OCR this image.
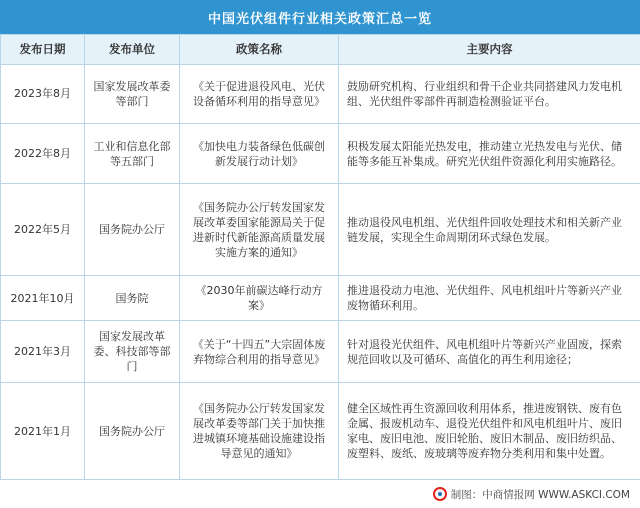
中国光伏组件行业相关政策汇总一览
发布日期	发布单位	政策名称	主要内容
2023年8月	国家发展改革委等部门	《关于促进退役风电、光伏设备循环利用的指导意见》	鼓励研究机构、行业组织和骨干企业共同搭建风力发电机组、光伏组件零部件再制造检测验证平台。
2022年8月	工业和信息化部等五部门	《加快电力装备绿色低碳创新发展行动计划》	积极发展太阳能光热发电，推动建立光热发电与光伏、储能等多能互补集成。研究光伏组件资源化利用实施路径。
2022年5月	国务院办公厅	《国务院办公厅转发国家发展改革委国家能源局关于促进新时代新能源高质量发展实施方案的通知》	推动退役风电机组、光伏组件回收处理技术和相关新产业链发展，实现全生命周期闭环式绿色发展。
2021年10月	国务院	《2030年前碳达峰行动方案》	推进退役动力电池、光伏组件、风电机组叶片等新兴产业废物循环利用。
2021年3月	国家发展改革委、科技部等部门	《关于“十四五”大宗固体废弃物综合利用的指导意见》	针对退役光伏组件、风电机组叶片等新兴产业固废，探索规范回收以及可循环、高值化的再生利用途径；
2021年1月	国务院办公厅	《国务院办公厅转发国家发展改革委等部门关于加快推进城镇环境基础设施建设指导意见的通知》	健全区域性再生资源回收利用体系，推进废钢铁、废有色金属、报废机动车、退役光伏组件和风电机组叶片、废旧家电、废旧电池、废旧轮胎、废旧木制品、废旧纺织品、废塑料、废纸、废玻璃等废弃物分类利用和集中处置。
制图：中商情报网 WWW.ASKCI.COM
